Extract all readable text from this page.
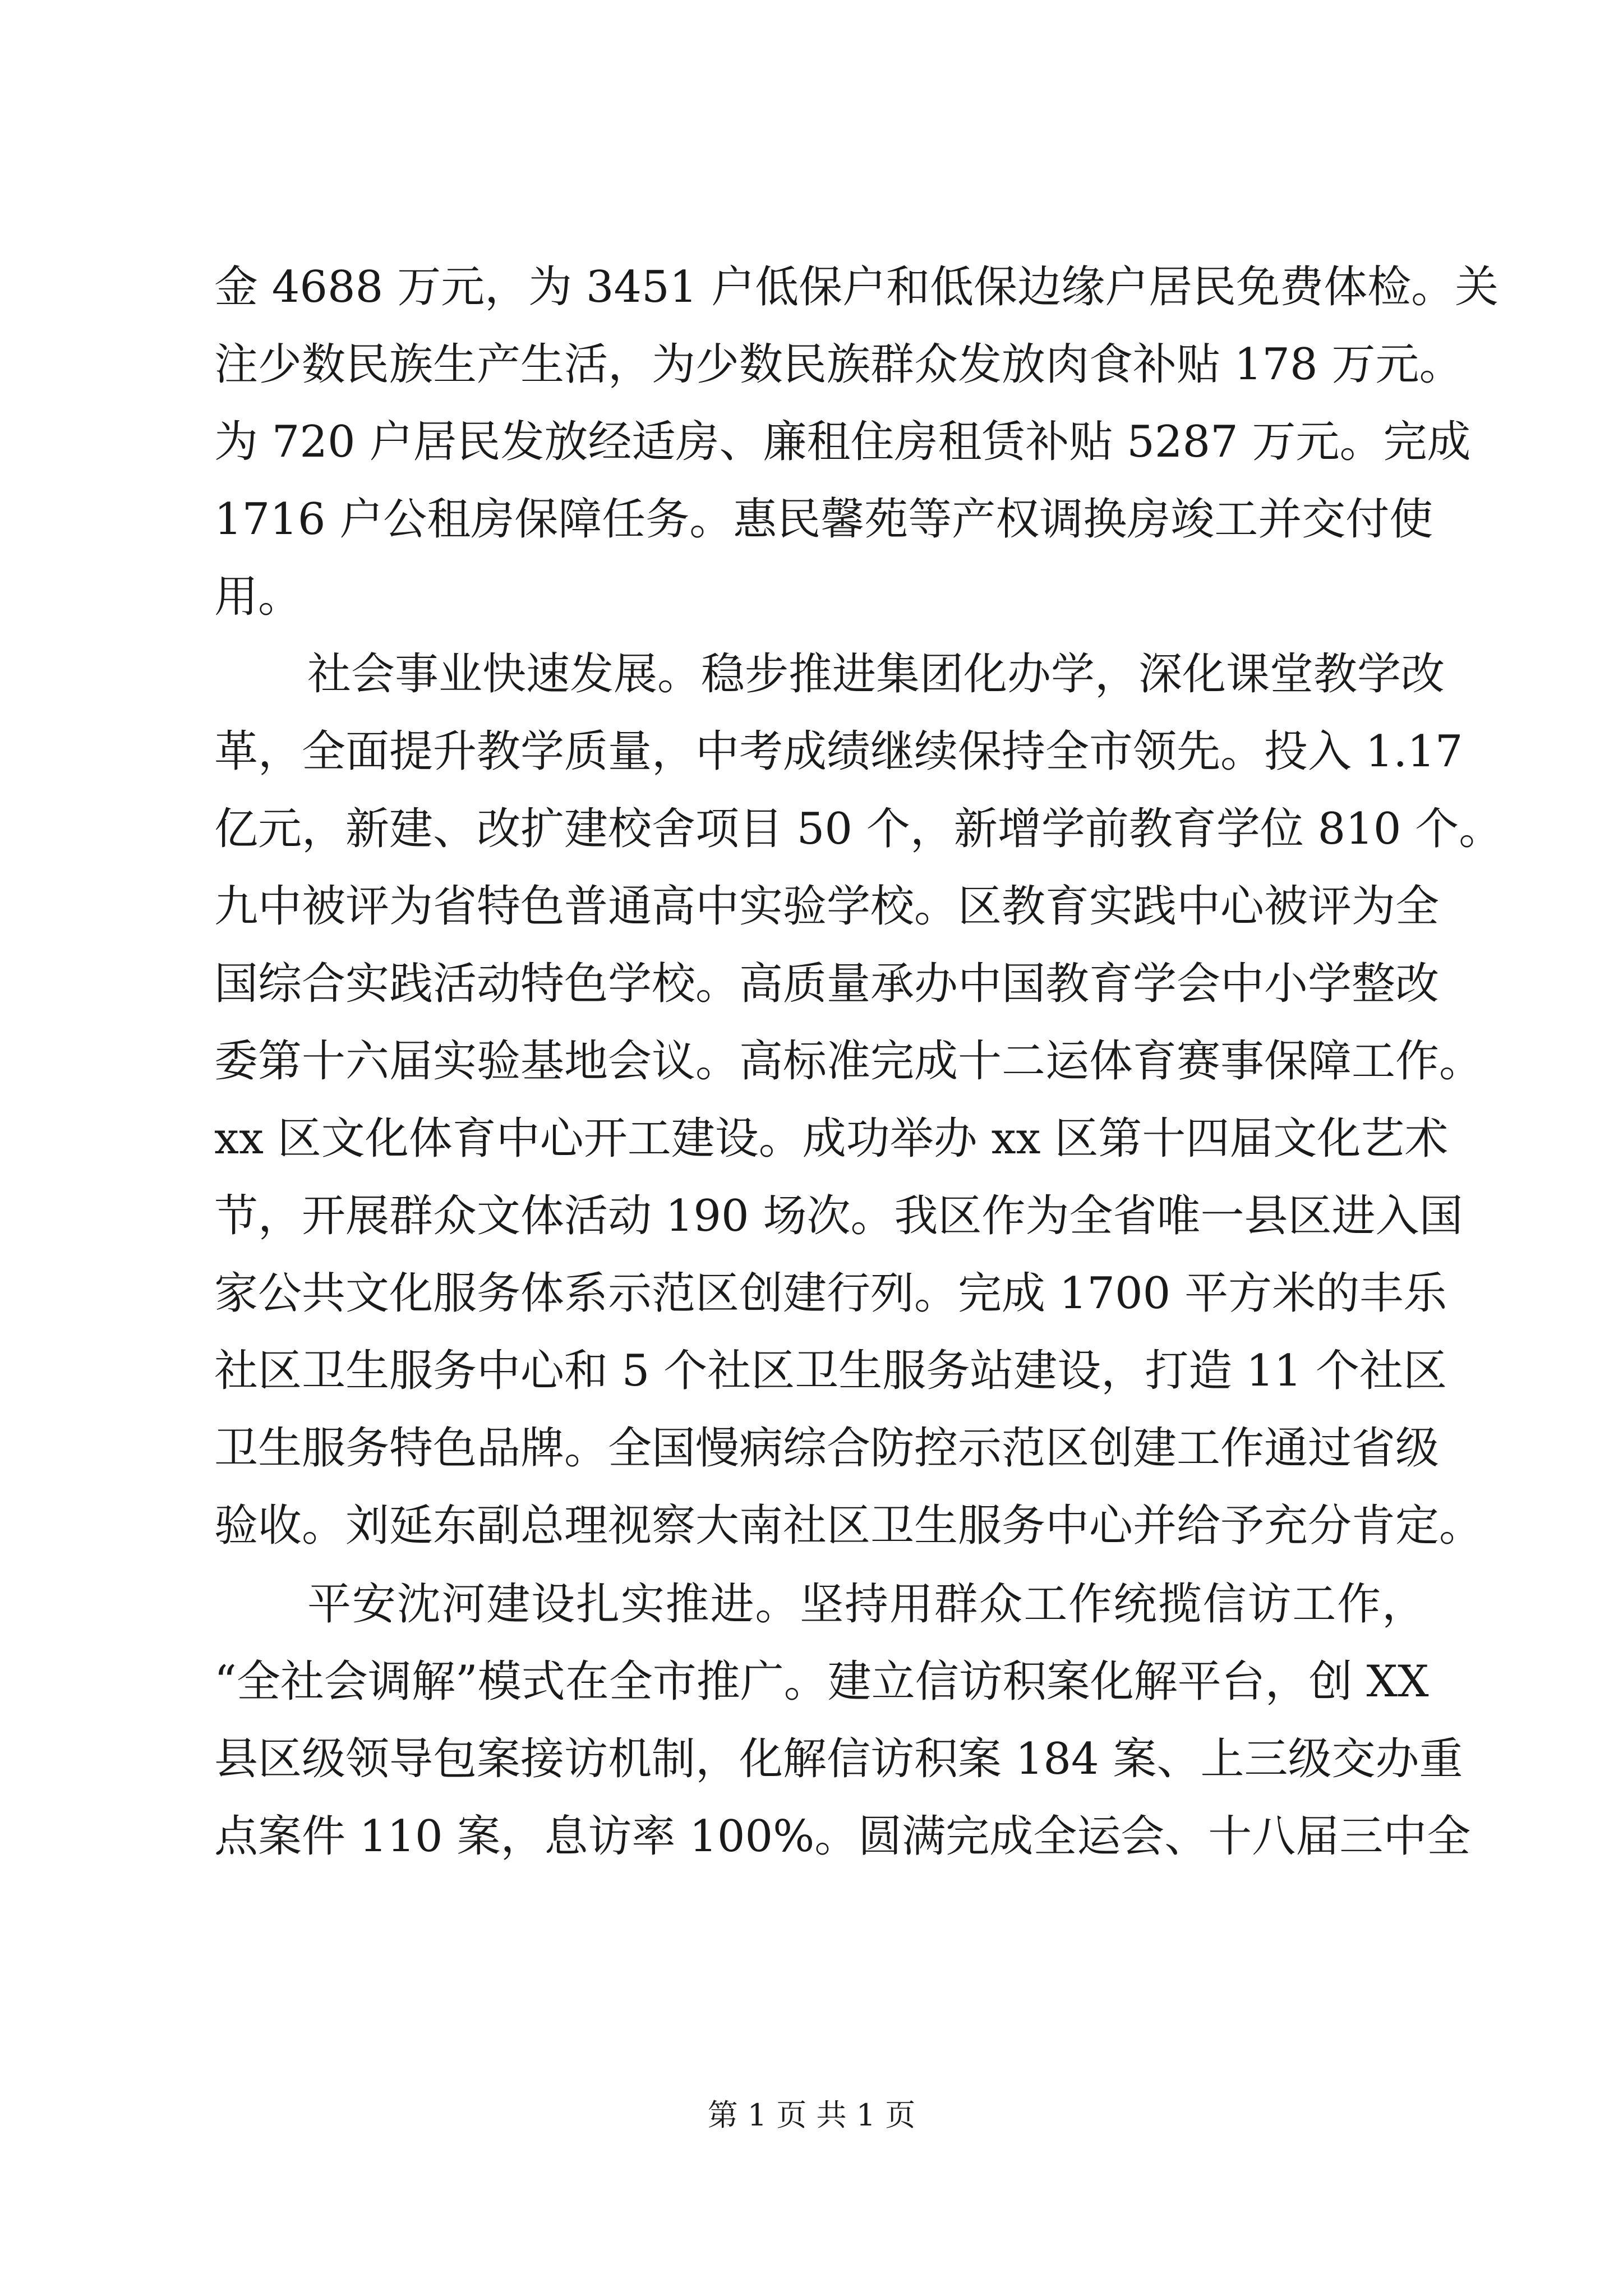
金 4688 万元，为 3451 户低保户和低保边缘户居民免费体检。关
注少数民族生产生活，为少数民族群众发放肉食补贴 178 万元。
为 720 户居民发放经适房、廉租住房租赁补贴 5287 万元。完成
1716 户公租房保障任务。惠民馨苑等产权调换房竣工并交付使
用。
社会事业快速发展。稳步推进集团化办学，深化课堂教学改
革，全面提升教学质量，中考成绩继续保持全市领先。投入 1.17
亿元，新建、改扩建校舍项目 50 个，新增学前教育学位 810 个。
九中被评为省特色普通高中实验学校。区教育实践中心被评为全
国综合实践活动特色学校。高质量承办中国教育学会中小学整改
委第十六届实验基地会议。高标准完成十二运体育赛事保障工作。
xx 区文化体育中心开工建设。成功举办 xx 区第十四届文化艺术
节，开展群众文体活动 190 场次。我区作为全省唯一县区进入国
家公共文化服务体系示范区创建行列。完成 1700 平方米的丰乐
社区卫生服务中心和 5 个社区卫生服务站建设，打造 11 个社区
卫生服务特色品牌。全国慢病综合防控示范区创建工作通过省级
验收。刘延东副总理视察大南社区卫生服务中心并给予充分肯定。
平安沈河建设扎实推进。坚持用群众工作统揽信访工作，
“全社会调解”模式在全市推广。建立信访积案化解平台，创 XX
县区级领导包案接访机制，化解信访积案 184 案、上三级交办重
点案件 110 案，息访率 100%。圆满完成全运会、十八届三中全
第 1 页 共 1 页
